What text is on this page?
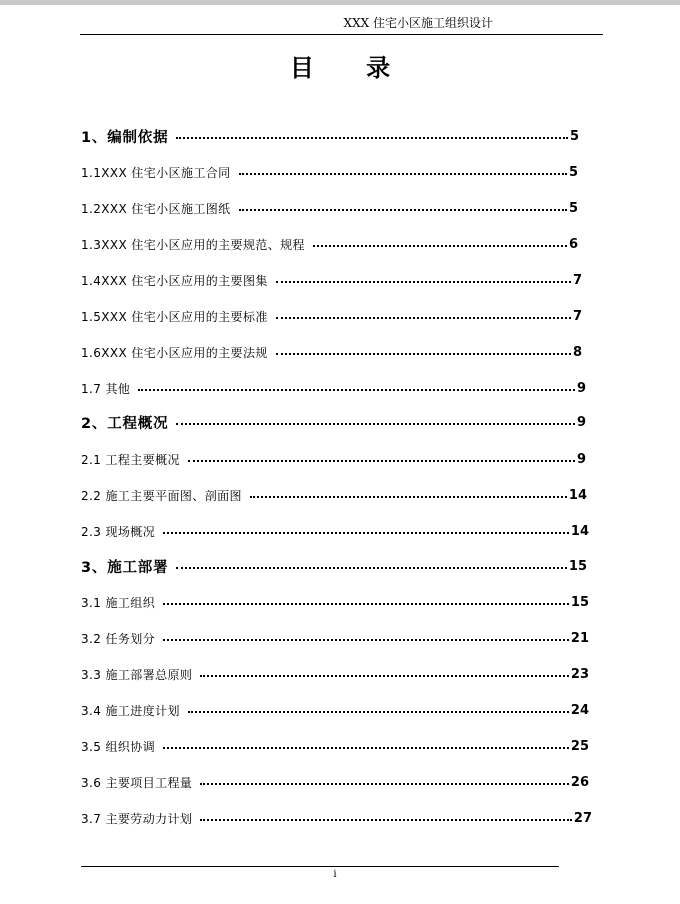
XXX 住宅小区施工组织设计
目 录
1、编制依据	5
1.1XXX 住宅小区施工合同	5
1.2XXX 住宅小区施工图纸	5
1.3XXX 住宅小区应用的主要规范、规程	6
1.4XXX 住宅小区应用的主要图集	7
1.5XXX 住宅小区应用的主要标准	7
1.6XXX 住宅小区应用的主要法规	8
1.7 其他	9
2、工程概况	9
2.1 工程主要概况	9
2.2 施工主要平面图、剖面图	14
2.3 现场概况	14
3、施工部署	15
3.1 施工组织	15
3.2 任务划分	21
3.3 施工部署总原则	23
3.4 施工进度计划	24
3.5 组织协调	25
3.6 主要项目工程量	26
3.7 主要劳动力计划	27
i
